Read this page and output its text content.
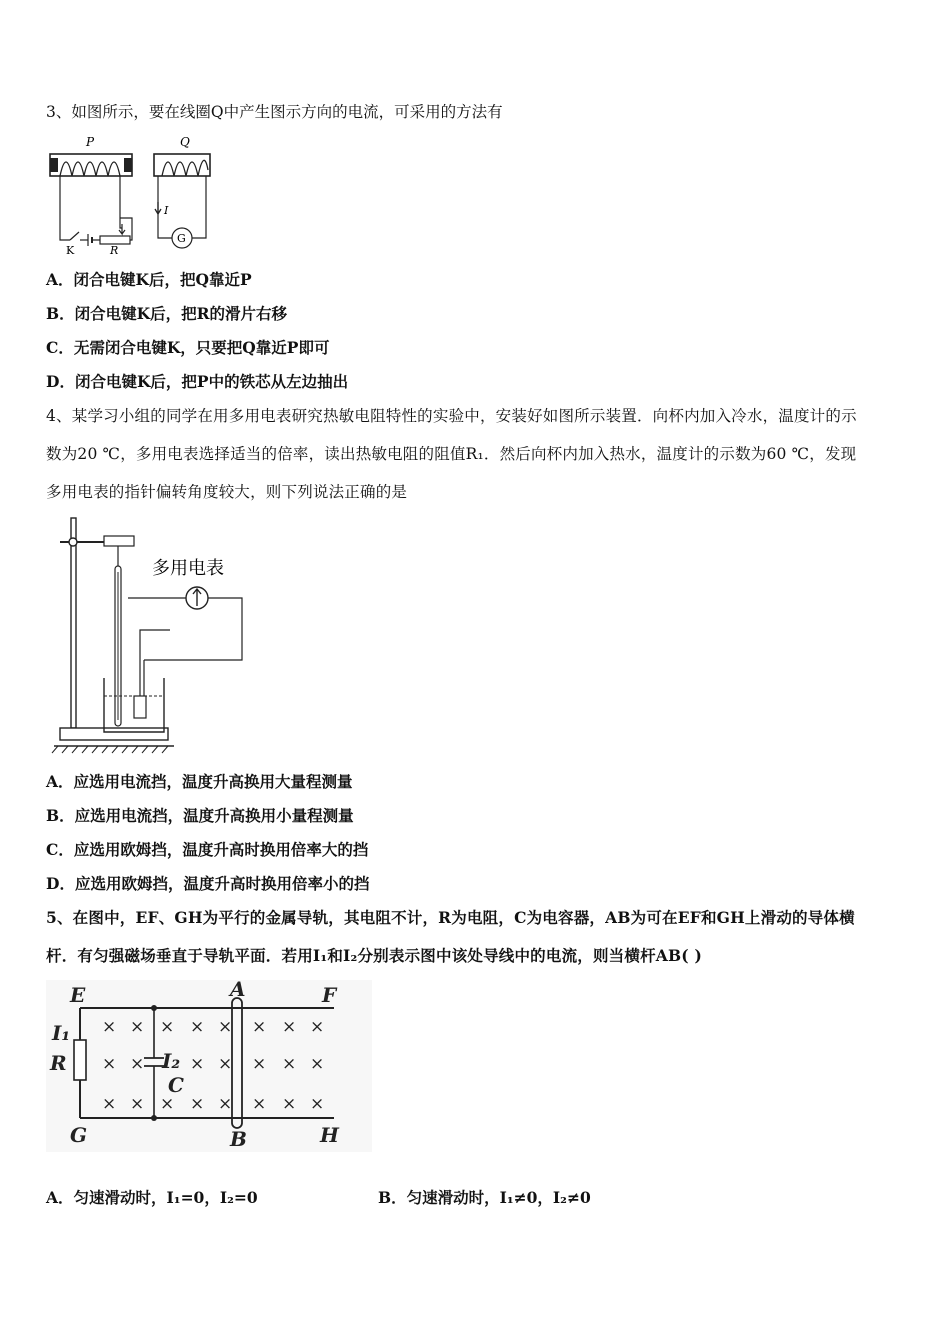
3、如图所示，要在线圈Q中产生图示方向的电流，可采用的方法有
P
K	R
Q
G
I
A．闭合电键K后，把Q靠近P
B．闭合电键K后，把R的滑片右移
C．无需闭合电键K，只要把Q靠近P即可
D．闭合电键K后，把P中的铁芯从左边抽出
4、某学习小组的同学在用多用电表研究热敏电阻特性的实验中，安装好如图所示装置．向杯内加入冷水，温度计的示
数为20 ℃，多用电表选择适当的倍率，读出热敏电阻的阻值R₁．然后向杯内加入热水，温度计的示数为60 ℃，发现
多用电表的指针偏转角度较大，则下列说法正确的是
多用电表
A．应选用电流挡，温度升高换用大量程测量
B．应选用电流挡，温度升高换用小量程测量
C．应选用欧姆挡，温度升高时换用倍率大的挡
D．应选用欧姆挡，温度升高时换用倍率小的挡
5、在图中，EF、GH为平行的金属导轨，其电阻不计，R为电阻，C为电容器，AB为可在EF和GH上滑动的导体横
杆．有匀强磁场垂直于导轨平面．若用I₁和I₂分别表示图中该处导线中的电流，则当横杆AB( )
× × × × × × × ×
× ×	× × × × ×
× × × × × × × ×
E	F
G	H
A
B
R
C
I₁
I₂
A．匀速滑动时，I₁=0，I₂=0	B．匀速滑动时，I₁≠0，I₂≠0
